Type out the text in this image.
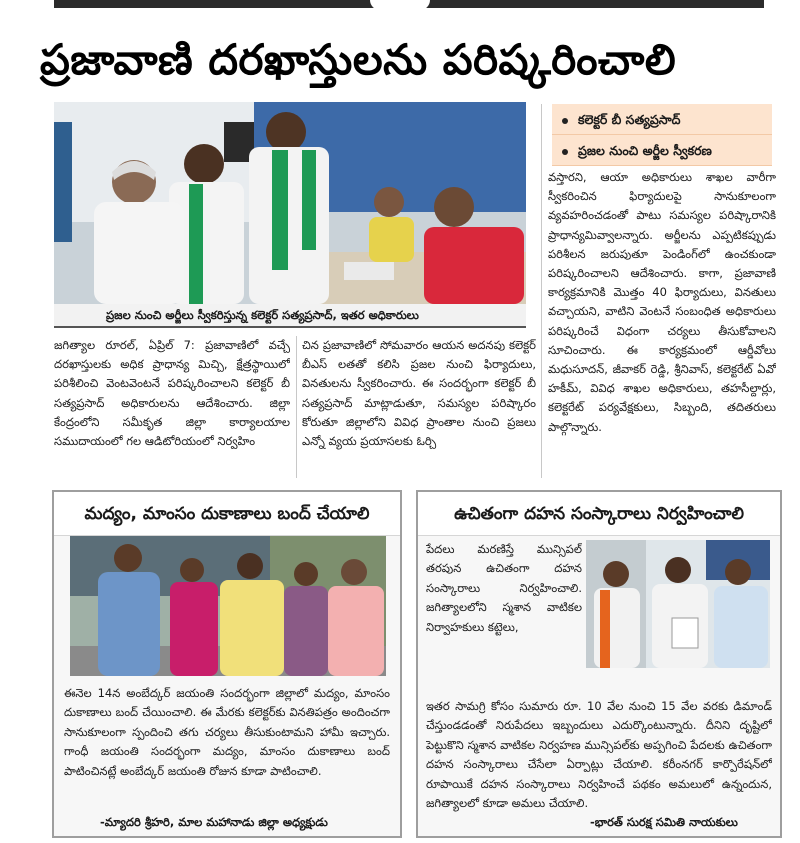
ప్రజావాణి దరఖాస్తులను పరిష్కరించాలి
ప్రజల నుంచి అర్జీలు స్వీకరిస్తున్న కలెక్టర్ సత్యప్రసాద్, ఇతర అధికారులు
కలెక్టర్ బీ సత్యప్రసాద్
ప్రజల నుంచి అర్జీల స్వీకరణ
జగిత్యాల రూరల్, ఏప్రిల్ 7: ప్రజావాణిలో వచ్చే దరఖాస్తులకు అధిక ప్రాధాన్య మిచ్చి, క్షేత్రస్థాయిలో పరిశీలించి వెంటవెంటనే పరిష్కరించాలని కలెక్టర్ బీ సత్యప్రసాద్ అధికారులను ఆదేశించారు. జిల్లా కేంద్రంలోని సమీకృత జిల్లా కార్యాలయాల సముదాయంలో గల ఆడిటోరియంలో నిర్వహిం
చిన ప్రజావాణిలో సోమవారం ఆయన అదనపు కలెక్టర్ బీఎస్ లతతో కలిసి ప్రజల నుంచి ఫిర్యాదులు, వినతులను స్వీకరించారు. ఈ సందర్భంగా కలెక్టర్ బీ సత్యప్రసాద్ మాట్లాడుతూ, సమస్యల పరిష్కారం కోరుతూ జిల్లాలోని వివిధ ప్రాంతాల నుంచి ప్రజలు ఎన్నో వ్యయ ప్రయాసలకు ఓర్చి
వస్తారని, ఆయా అధికారులు శాఖల వారీగా స్వీకరించిన ఫిర్యాదులపై సానుకూలంగా వ్యవహరించడంతో పాటు సమస్యల పరిష్కారానికి ప్రాధాన్యమివ్వాలన్నారు. అర్జీలను ఎప్పటికప్పుడు పరిశీలన జరుపుతూ పెండింగ్‌లో ఉంచకుండా పరిష్కరించాలని ఆదేశించారు. కాగా, ప్రజావాణి కార్యక్రమానికి మొత్తం 40 ఫిర్యాదులు, వినతులు వచ్చాయని, వాటిని వెంటనే సంబంధిత అధికారులు పరిష్కరించే విధంగా చర్యలు తీసుకోవాలని సూచించారు. ఈ కార్యక్రమంలో ఆర్డీవోలు మధుసూదన్, జీవాకర్ రెడ్డి, శ్రీనివాస్, కలెక్టరేట్ ఏవో హకీమ్, వివిధ శాఖల అధికారులు, తహసీల్దార్లు, కలెక్టరేట్ పర్యవేక్షకులు, సిబ్బంది, తదితరులు పాల్గొన్నారు.
మద్యం, మాంసం దుకాణాలు బంద్ చేయాలి
ఈనెల 14న అంబేద్కర్ జయంతి సందర్భంగా జిల్లాలో మద్యం, మాంసం దుకాణాలు బంద్ చేయించాలి. ఈ మేరకు కలెక్టర్‌కు వినతిపత్రం అందించగా సానుకూలంగా స్పందించి తగు చర్యలు తీసుకుంటామని హామీ ఇచ్చారు. గాంధీ జయంతి సందర్భంగా మద్యం, మాంసం దుకాణాలు బంద్ పాటించినట్లే అంబేద్కర్ జయంతి రోజున కూడా పాటించాలి.
-మ్యాదరి శ్రీహరి, మాల మహానాడు జిల్లా అధ్యక్షుడు
ఉచితంగా దహన సంస్కారాలు నిర్వహించాలి
పేదలు మరణిస్తే మున్సిపల్ తరపున ఉచితంగా దహన సంస్కారాలు నిర్వహించాలి. జగిత్యాలలోని స్మశాన వాటికల నిర్వాహకులు కట్టెలు,
ఇతర సామగ్రి కోసం సుమారు రూ. 10 వేల నుంచి 15 వేల వరకు డిమాండ్ చేస్తుండడంతో నిరుపేదలు ఇబ్బందులు ఎదుర్కొంటున్నారు. దీనిని దృష్టిలో పెట్టుకొని స్మశాన వాటికల నిర్వహణ మున్సిపల్‌కు అప్పగించి పేదలకు ఉచితంగా దహన సంస్కారాలు చేసేలా ఏర్పాట్లు చేయాలి. కరీంనగర్ కార్పొరేషన్‌లో రూపాయికే దహన సంస్కారాలు నిర్వహించే పథకం అమలులో ఉన్నందున, జగిత్యాలలో కూడా అమలు చేయాలి.
-భారత్ సురక్ష సమితి నాయకులు
